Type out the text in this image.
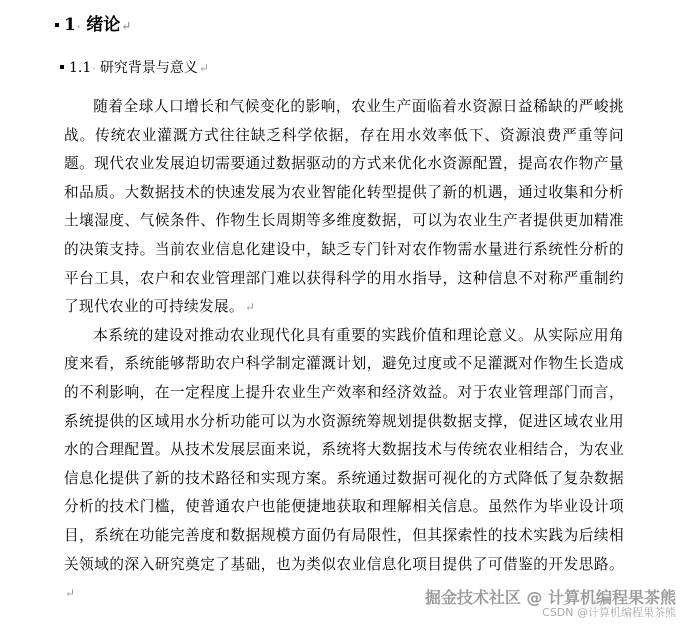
1· 绪论↵
1.1· 研究背景与意义↵

随着全球人口增长和气候变化的影响，农业生产面临着水资源日益稀缺的严峻挑战。传统农业灌溉方式往往缺乏科学依据，存在用水效率低下、资源浪费严重等问题。现代农业发展迫切需要通过数据驱动的方式来优化水资源配置，提高农作物产量和品质。大数据技术的快速发展为农业智能化转型提供了新的机遇，通过收集和分析土壤湿度、气候条件、作物生长周期等多维度数据，可以为农业生产者提供更加精准的决策支持。当前农业信息化建设中，缺乏专门针对农作物需水量进行系统性分析的平台工具，农户和农业管理部门难以获得科学的用水指导，这种信息不对称严重制约了现代农业的可持续发展。↵

本系统的建设对推动农业现代化具有重要的实践价值和理论意义。从实际应用角度来看，系统能够帮助农户科学制定灌溉计划，避免过度或不足灌溉对作物生长造成的不利影响，在一定程度上提升农业生产效率和经济效益。对于农业管理部门而言，系统提供的区域用水分析功能可以为水资源统筹规划提供数据支撑，促进区域农业用水的合理配置。从技术发展层面来说，系统将大数据技术与传统农业相结合，为农业信息化提供了新的技术路径和实现方案。系统通过数据可视化的方式降低了复杂数据分析的技术门槛，使普通农户也能便捷地获取和理解相关信息。虽然作为毕业设计项目，系统在功能完善度和数据规模方面仍有局限性，但其探索性的技术实践为后续相关领域的深入研究奠定了基础，也为类似农业信息化项目提供了可借鉴的开发思路。↵	掘金技术社区 @ 计算机编程果茶熊
CSDN @计算机编程果茶熊
